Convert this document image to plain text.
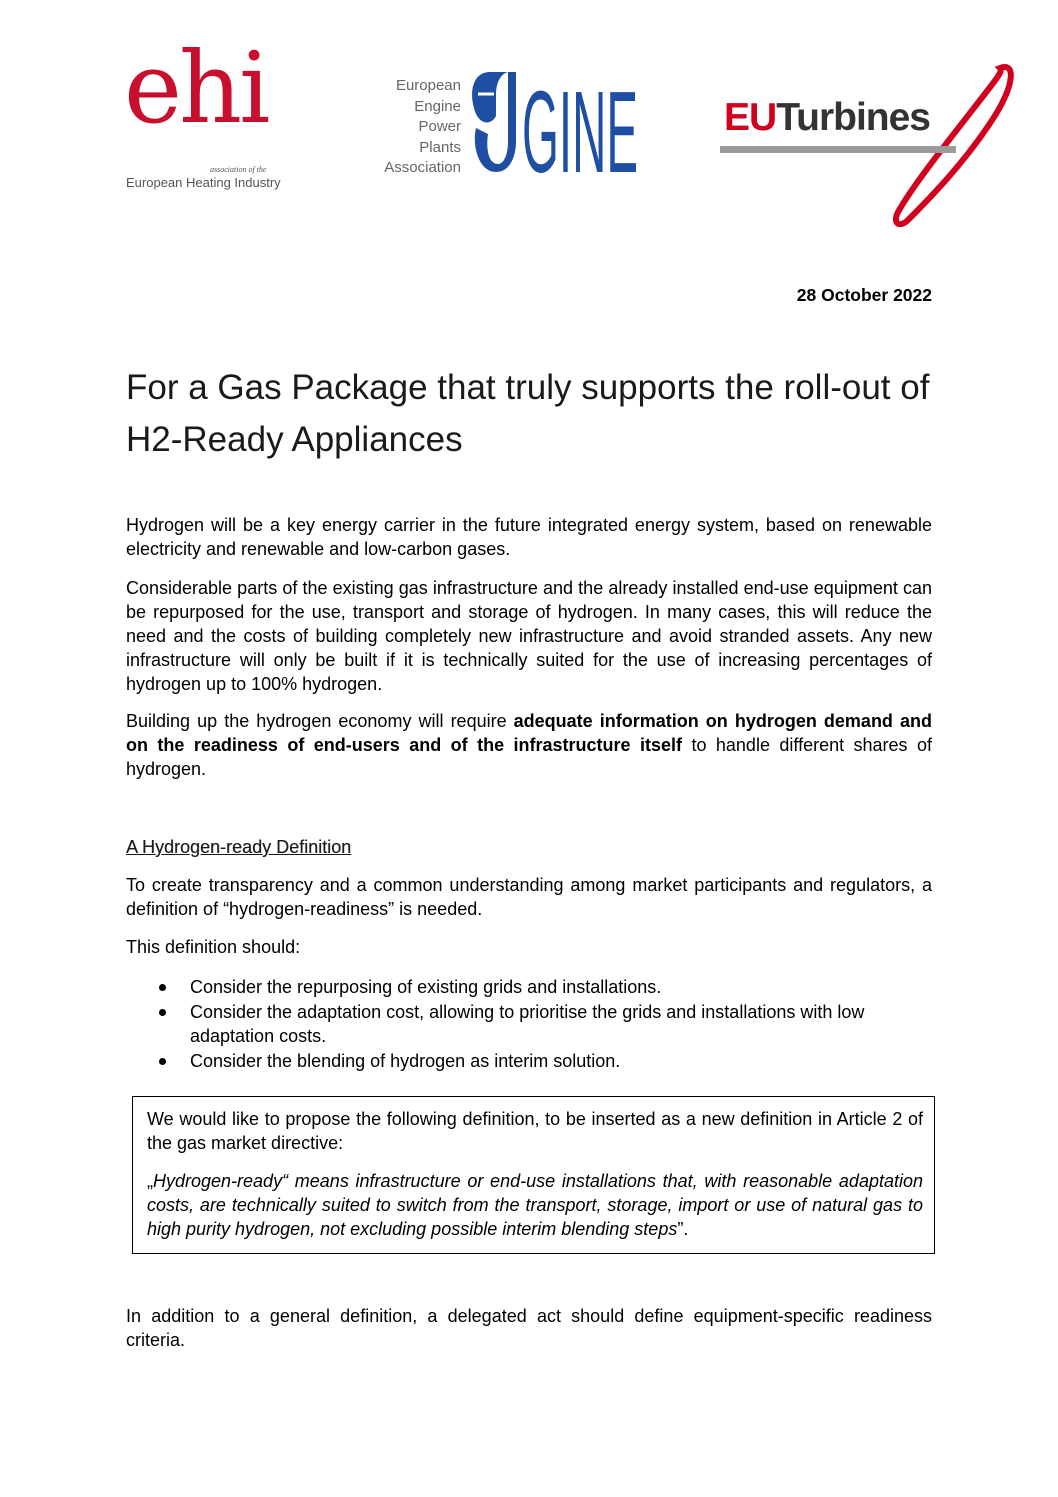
ehi
association of the
European Heating Industry
European
Engine
Power
Plants
Association GINE EUTurbines
28 October 2022
For a Gas Package that truly supports the roll-out of H2-Ready Appliances

Hydrogen will be a key energy carrier in the future integrated energy system, based on renewable electricity and renewable and low-carbon gases.

Considerable parts of the existing gas infrastructure and the already installed end-use equipment can be repurposed for the use, transport and storage of hydrogen. In many cases, this will reduce the need and the costs of building completely new infrastructure and avoid stranded assets. Any new infrastructure will only be built if it is technically suited for the use of increasing percentages of hydrogen up to 100% hydrogen.

Building up the hydrogen economy will require adequate information on hydrogen demand and on the readiness of end-users and of the infrastructure itself to handle different shares of hydrogen.

A Hydrogen-ready Definition

To create transparency and a common understanding among market participants and regulators, a definition of “hydrogen-readiness” is needed.

This definition should:

Consider the repurposing of existing grids and installations.
Consider the adaptation cost, allowing to prioritise the grids and installations with low adaptation costs.
Consider the blending of hydrogen as interim solution.

We would like to propose the following definition, to be inserted as a new definition in Article 2 of the gas market directive:

„Hydrogen-ready“ means infrastructure or end-use installations that, with reasonable adaptation costs, are technically suited to switch from the transport, storage, import or use of natural gas to high purity hydrogen, not excluding possible interim blending steps”.

In addition to a general definition, a delegated act should define equipment-specific readiness criteria.
